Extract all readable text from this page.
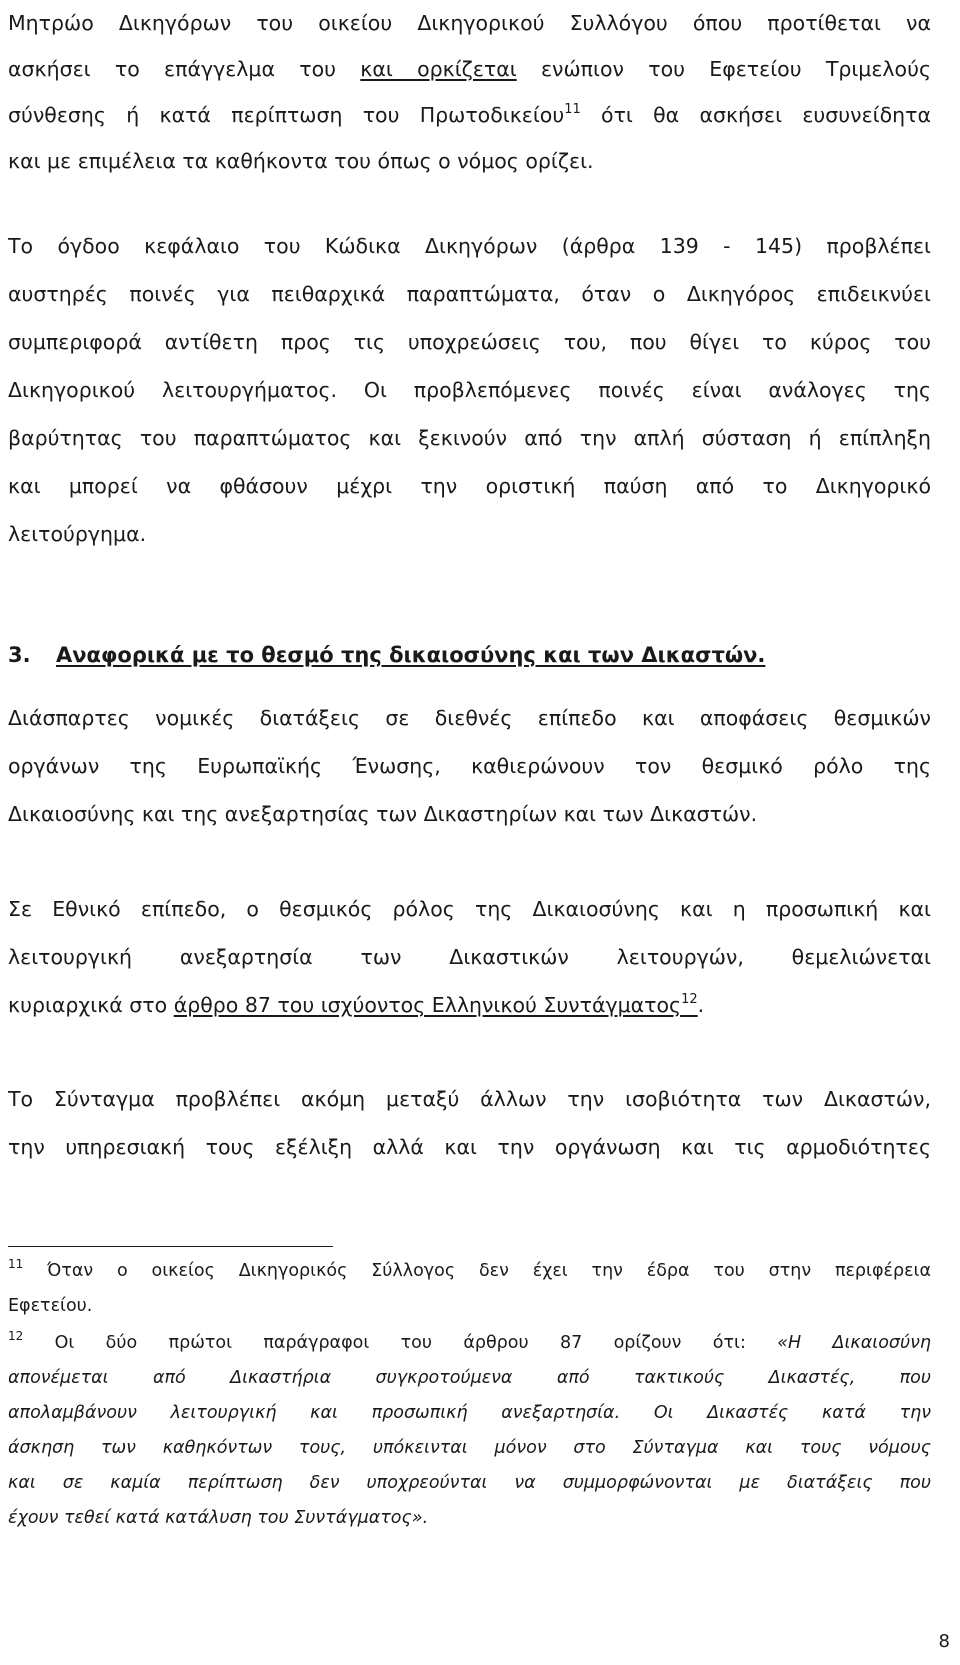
Μητρώο Δικηγόρων του οικείου Δικηγορικού Συλλόγου όπου προτίθεται να
ασκήσει το επάγγελμα του και ορκίζεται ενώπιον του Εφετείου Τριμελούς
σύνθεσης ή κατά περίπτωση του Πρωτοδικείου$^{11}$ ότι θα ασκήσει ευσυνείδητα
και με επιμέλεια τα καθήκοντα του όπως ο νόμος ορίζει.

Το όγδοο κεφάλαιο του Κώδικα Δικηγόρων (άρθρα 139 - 145) προβλέπει
αυστηρές ποινές για πειθαρχικά παραπτώματα, όταν ο Δικηγόρος επιδεικνύει
συμπεριφορά αντίθετη προς τις υποχρεώσεις του, που θίγει το κύρος του
Δικηγορικού λειτουργήματος. Οι προβλεπόμενες ποινές είναι ανάλογες της
βαρύτητας του παραπτώματος και ξεκινούν από την απλή σύσταση ή επίπληξη
και μπορεί να φθάσουν μέχρι την οριστική παύση από το Δικηγορικό
λειτούργημα.

3. Αναφορικά με το θεσμό της δικαιοσύνης και των Δικαστών.

Διάσπαρτες νομικές διατάξεις σε διεθνές επίπεδο και αποφάσεις θεσμικών
οργάνων της Ευρωπαϊκής Ένωσης, καθιερώνουν τον θεσμικό ρόλο της
Δικαιοσύνης και της ανεξαρτησίας των Δικαστηρίων και των Δικαστών.

Σε Εθνικό επίπεδο, ο θεσμικός ρόλος της Δικαιοσύνης και η προσωπική και
λειτουργική ανεξαρτησία των Δικαστικών λειτουργών, θεμελιώνεται
κυριαρχικά στο άρθρο 87 του ισχύοντος Ελληνικού Συντάγματος$^{12}$.

Το Σύνταγμα προβλέπει ακόμη μεταξύ άλλων την ισοβιότητα των Δικαστών,
την υπηρεσιακή τους εξέλιξη αλλά και την οργάνωση και τις αρμοδιότητες

$^{11}$ Όταν ο οικείος Δικηγορικός Σύλλογος δεν έχει την έδρα του στην περιφέρεια
Εφετείου.

$^{12}$ Οι δύο πρώτοι παράγραφοι του άρθρου 87 ορίζουν ότι: «Η Δικαιοσύνη
απονέμεται από Δικαστήρια συγκροτούμενα από τακτικούς Δικαστές, που
απολαμβάνουν λειτουργική και προσωπική ανεξαρτησία. Οι Δικαστές κατά την
άσκηση των καθηκόντων τους, υπόκεινται μόνον στο Σύνταγμα και τους νόμους
και σε καμία περίπτωση δεν υποχρεούνται να συμμορφώνονται με διατάξεις που
έχουν τεθεί κατά κατάλυση του Συντάγματος».

8
